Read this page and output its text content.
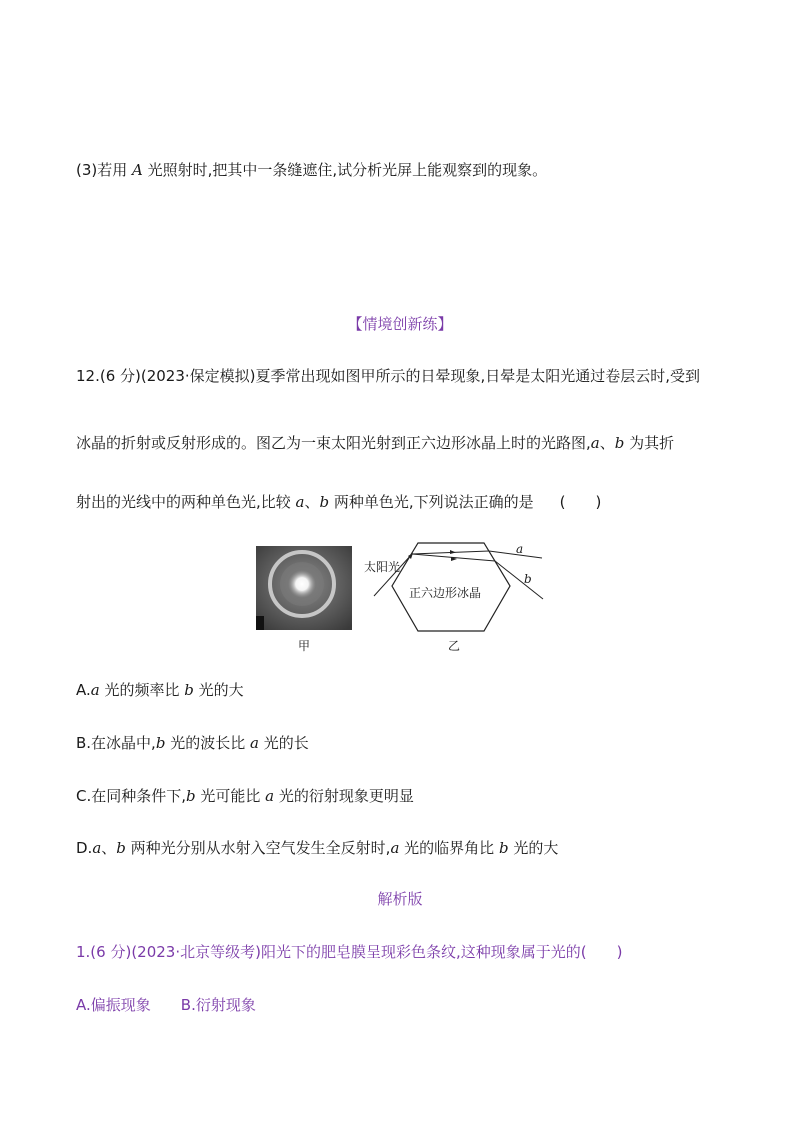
(3)若用 A 光照射时,把其中一条缝遮住,试分析光屏上能观察到的现象。
【情境创新练】
12.(6 分)(2023·保定模拟)夏季常出现如图甲所示的日晕现象,日晕是太阳光通过卷层云时,受到
冰晶的折射或反射形成的。图乙为一束太阳光射到正六边形冰晶上时的光路图,a、b 为其折
射出的光线中的两种单色光,比较 a、b 两种单色光,下列说法正确的是 (　　)
甲
太阳光
正六边形冰晶
a
b
乙
A.a 光的频率比 b 光的大
B.在冰晶中,b 光的波长比 a 光的长
C.在同种条件下,b 光可能比 a 光的衍射现象更明显
D.a、b 两种光分别从水射入空气发生全反射时,a 光的临界角比 b 光的大
解析版
1.(6 分)(2023·北京等级考)阳光下的肥皂膜呈现彩色条纹,这种现象属于光的(　　)
A.偏振现象 B.衍射现象
